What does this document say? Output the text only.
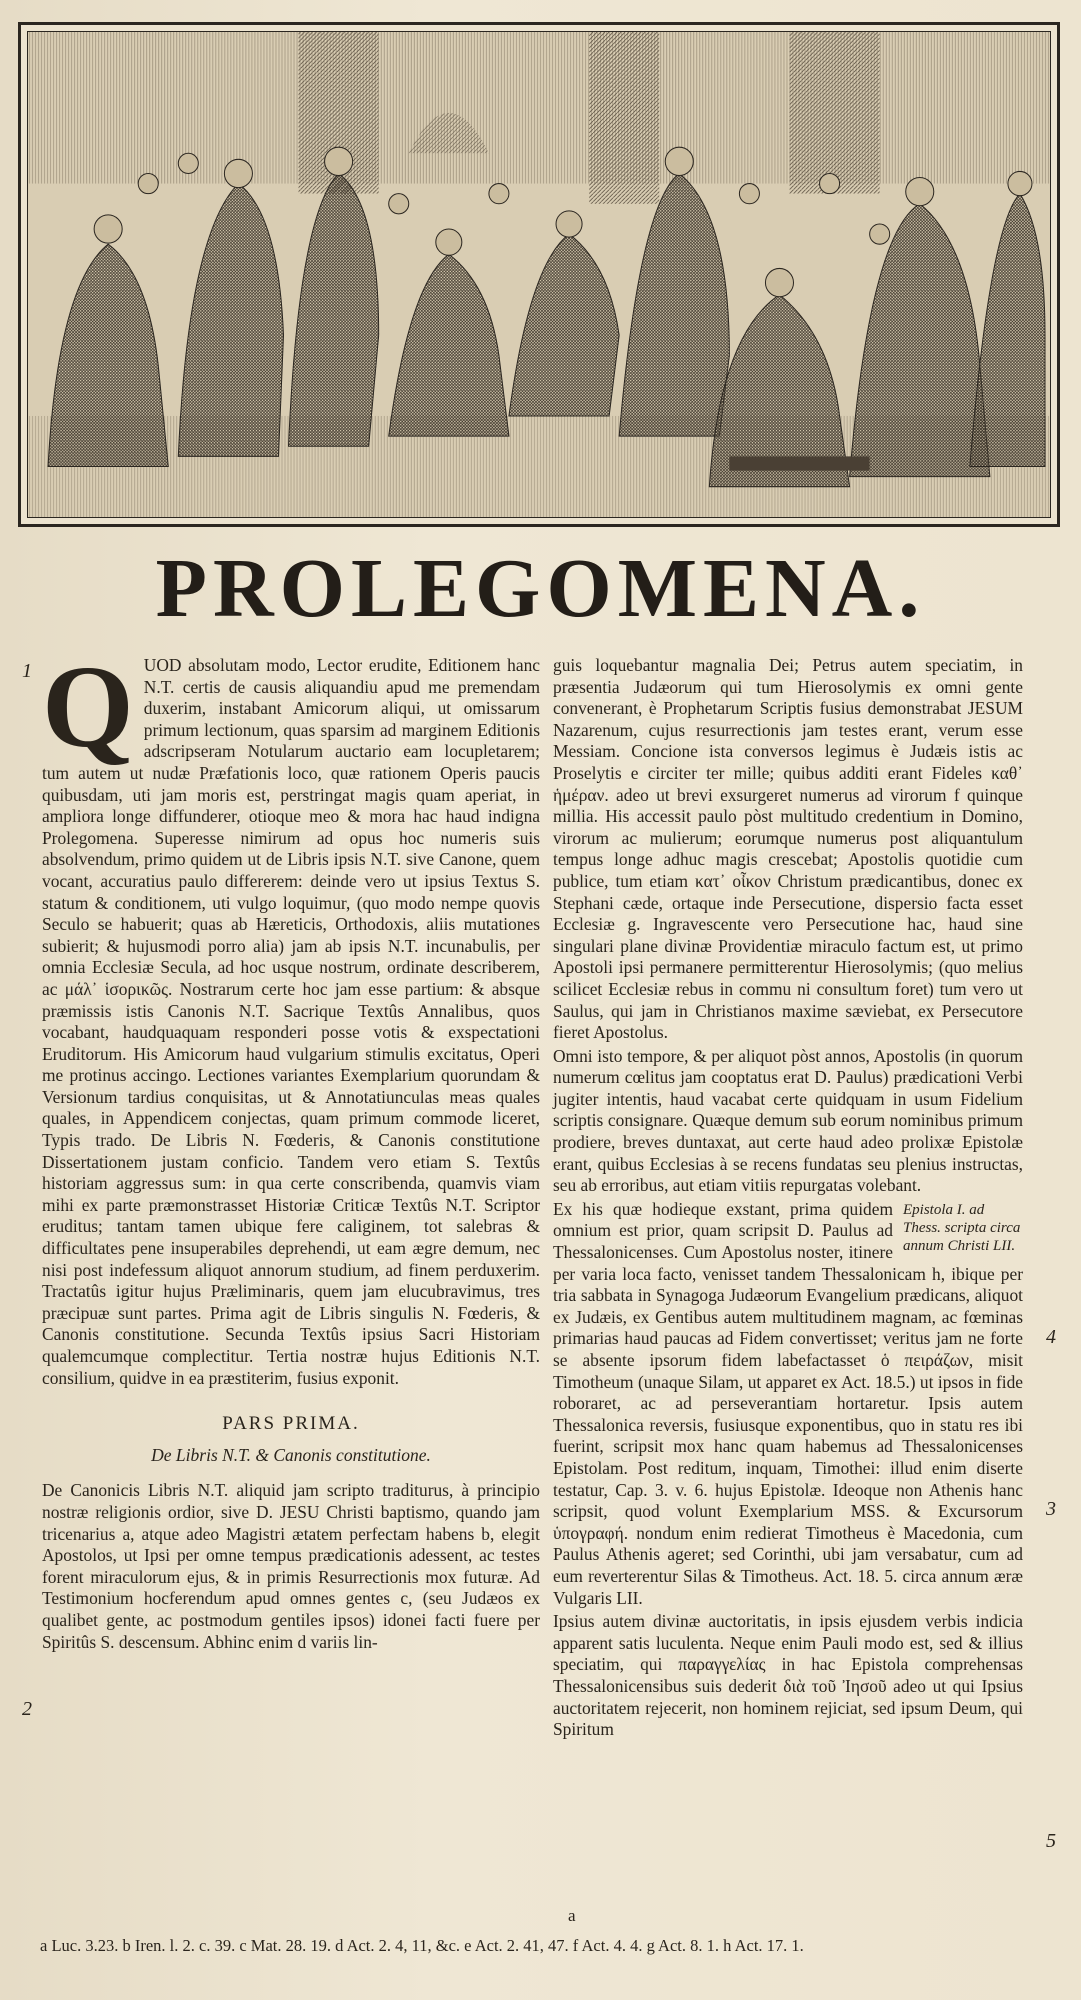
PROLEGOMENA.
1
2
3
4
5

Q UOD absolutam modo, Lector erudite, Editionem hanc N.T. certis de causis aliquandiu apud me premendam duxerim, instabant Amicorum aliqui, ut omissarum primum lectionum, quas sparsim ad marginem Editionis adscripseram Notularum auctario eam locupletarem; tum autem ut nudæ Præfationis loco, quæ rationem Operis paucis quibusdam, uti jam moris est, perstringat magis quam aperiat, in ampliora longe diffunderer, otioque meo & mora hac haud indigna Prolegomena. Superesse nimirum ad opus hoc numeris suis absolvendum, primo quidem ut de Libris ipsis N.T. sive Canone, quem vocant, accuratius paulo differerem: deinde vero ut ipsius Textus S. statum & conditionem, uti vulgo loquimur, (quo modo nempe quovis Seculo se habuerit; quas ab Hæreticis, Orthodoxis, aliis mutationes subierit; & hujusmodi porro alia) jam ab ipsis N.T. incunabulis, per omnia Ecclesiæ Secula, ad hoc usque nostrum, ordinate describerem, ac μάλ᾽ ἱσορικῶς. Nostrarum certe hoc jam esse partium: & absque præmissis istis Canonis N.T. Sacrique Textûs Annalibus, quos vocabant, haudquaquam responderi posse votis & exspectationi Eruditorum. His Amicorum haud vulgarium stimulis excitatus, Operi me protinus accingo. Lectiones variantes Exemplarium quorundam & Versionum tardius conquisitas, ut & Annotatiunculas meas quales quales, in Appendicem conjectas, quam primum commode liceret, Typis trado. De Libris N. Fœderis, & Canonis constitutione Dissertationem justam conficio. Tandem vero etiam S. Textûs historiam aggressus sum: in qua certe conscribenda, quamvis viam mihi ex parte præmonstrasset Historiæ Criticæ Textûs N.T. Scriptor eruditus; tantam tamen ubique fere caliginem, tot salebras & difficultates pene insuperabiles deprehendi, ut eam ægre demum, nec nisi post indefessum aliquot annorum studium, ad finem perduxerim. Tractatûs igitur hujus Præliminaris, quem jam elucubravimus, tres præcipuæ sunt partes. Prima agit de Libris singulis N. Fœderis, & Canonis constitutione. Secunda Textûs ipsius Sacri Historiam qualemcumque complectitur. Tertia nostræ hujus Editionis N.T. consilium, quidve in ea præstiterim, fusius exponit.

PARS PRIMA.
De Libris N.T. & Canonis constitutione.

De Canonicis Libris N.T. aliquid jam scripto traditurus, à principio nostræ religionis ordior, sive D. JESU Christi baptismo, quando jam tricenarius a, atque adeo Magistri ætatem perfectam habens b, elegit Apostolos, ut Ipsi per omne tempus prædicationis adessent, ac testes forent miraculorum ejus, & in primis Resurrectionis mox futuræ. Ad Testimonium hocferendum apud omnes gentes c, (seu Judæos ex qualibet gente, ac postmodum gentiles ipsos) idonei facti fuere per Spiritûs S. descensum. Abhinc enim d variis lin-

guis loquebantur magnalia Dei; Petrus autem speciatim, in præsentia Judæorum qui tum Hierosolymis ex omni gente convenerant, è Prophetarum Scriptis fusius demonstrabat JESUM Nazarenum, cujus resurrectionis jam testes erant, verum esse Messiam. Concione ista conversos legimus è Judæis istis ac Proselytis e circiter ter mille; quibus additi erant Fideles καθ᾽ ἡμέραν. adeo ut brevi exsurgeret numerus ad virorum f quinque millia. His accessit paulo pòst multitudo credentium in Domino, virorum ac mulierum; eorumque numerus post aliquantulum tempus longe adhuc magis crescebat; Apostolis quotidie cum publice, tum etiam κατ᾽ οἶκον Christum prædicantibus, donec ex Stephani cæde, ortaque inde Persecutione, dispersio facta esset Ecclesiæ g. Ingravescente vero Persecutione hac, haud sine singulari plane divinæ Providentiæ miraculo factum est, ut primo Apostoli ipsi permanere permitterentur Hierosolymis; (quo melius scilicet Ecclesiæ rebus in commu ni consultum foret) tum vero ut Saulus, qui jam in Christianos maxime sæviebat, ex Persecutore fieret Apostolus.

Omni isto tempore, & per aliquot pòst annos, Apostolis (in quorum numerum cœlitus jam cooptatus erat D. Paulus) prædicationi Verbi jugiter intentis, haud vacabat certe quidquam in usum Fidelium scriptis consignare. Quæque demum sub eorum nominibus primum prodiere, breves duntaxat, aut certe haud adeo prolixæ Epistolæ erant, quibus Ecclesias à se recens fundatas seu plenius instructas, seu ab erroribus, aut etiam vitiis repurgatas volebant.

Epistola I. ad Thess. scripta circa annum Christi LII.

Ex his quæ hodieque exstant, prima quidem omnium est prior, quam scripsit D. Paulus ad Thessalonicenses. Cum Apostolus noster, itinere per varia loca facto, venisset tandem Thessalonicam h, ibique per tria sabbata in Synagoga Judæorum Evangelium prædicans, aliquot ex Judæis, ex Gentibus autem multitudinem magnam, ac fœminas primarias haud paucas ad Fidem convertisset; veritus jam ne forte se absente ipsorum fidem labefactasset ὁ πειράζων, misit Timotheum (unaque Silam, ut apparet ex Act. 18.5.) ut ipsos in fide roboraret, ac ad perseverantiam hortaretur. Ipsis autem Thessalonica reversis, fusiusque exponentibus, quo in statu res ibi fuerint, scripsit mox hanc quam habemus ad Thessalonicenses Epistolam. Post reditum, inquam, Timothei: illud enim diserte testatur, Cap. 3. v. 6. hujus Epistolæ. Ideoque non Athenis hanc scripsit, quod volunt Exemplarium MSS. & Excursorum ὑπογραφή. nondum enim redierat Timotheus è Macedonia, cum Paulus Athenis ageret; sed Corinthi, ubi jam versabatur, cum ad eum reverterentur Silas & Timotheus. Act. 18. 5. circa annum æræ Vulgaris LII.

Ipsius autem divinæ auctoritatis, in ipsis ejusdem verbis indicia apparent satis luculenta. Neque enim Pauli modo est, sed & illius speciatim, qui παραγγελίας in hac Epistola comprehensas Thessalonicensibus suis dederit διὰ τοῦ Ἰησοῦ adeo ut qui Ipsius auctoritatem rejecerit, non hominem rejiciat, sed ipsum Deum, qui Spiritum

a
a Luc. 3.23. b Iren. l. 2. c. 39. c Mat. 28. 19. d Act. 2. 4, 11, &c. e Act. 2. 41, 47. f Act. 4. 4. g Act. 8. 1. h Act. 17. 1.
